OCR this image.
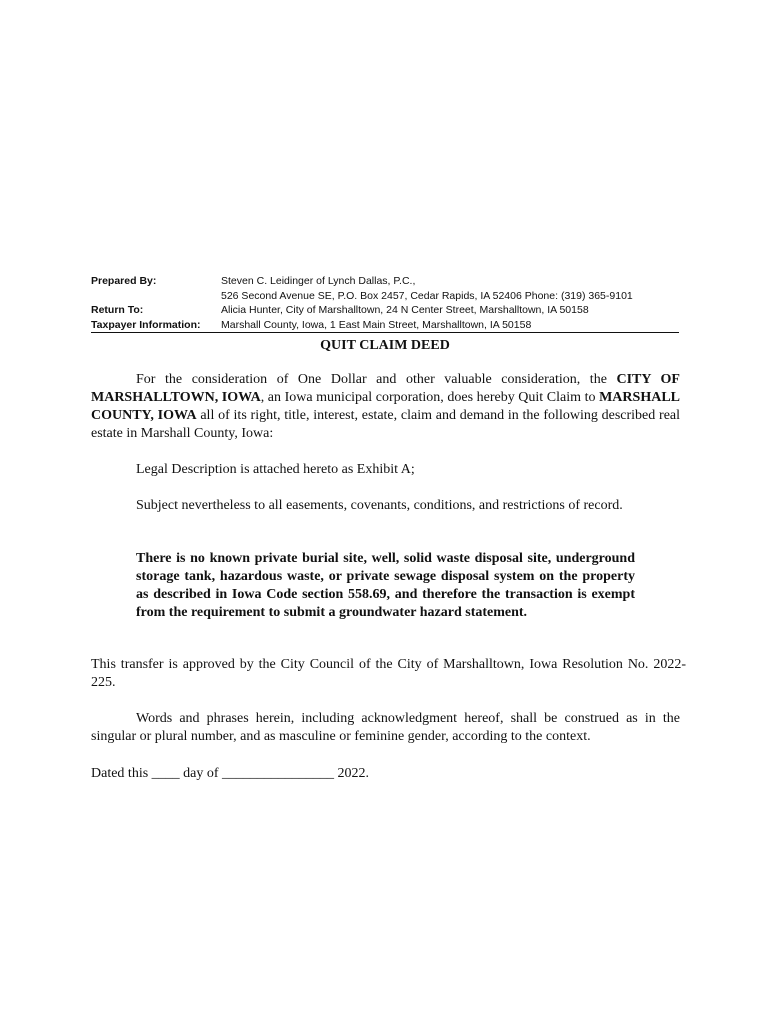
Prepared By:	Steven C. Leidinger of Lynch Dallas, P.C.,
526 Second Avenue SE, P.O. Box 2457, Cedar Rapids, IA 52406 Phone: (319) 365-9101
Return To:	Alicia Hunter, City of Marshalltown, 24 N Center Street, Marshalltown, IA 50158
Taxpayer Information:	Marshall County, Iowa, 1 East Main Street, Marshalltown, IA 50158
QUIT CLAIM DEED

For the consideration of One Dollar and other valuable consideration, the CITY OF MARSHALLTOWN, IOWA, an Iowa municipal corporation, does hereby Quit Claim to MARSHALL COUNTY, IOWA all of its right, title, interest, estate, claim and demand in the following described real estate in Marshall County, Iowa:

Legal Description is attached hereto as Exhibit A;

Subject nevertheless to all easements, covenants, conditions, and restrictions of record.

There is no known private burial site, well, solid waste disposal site, underground storage tank, hazardous waste, or private sewage disposal system on the property as described in Iowa Code section 558.69, and therefore the transaction is exempt from the requirement to submit a groundwater hazard statement.

This transfer is approved by the City Council of the City of Marshalltown, Iowa Resolution No. 2022-225.

Words and phrases herein, including acknowledgment hereof, shall be construed as in the singular or plural number, and as masculine or feminine gender, according to the context.

Dated this ____ day of ________________ 2022.
